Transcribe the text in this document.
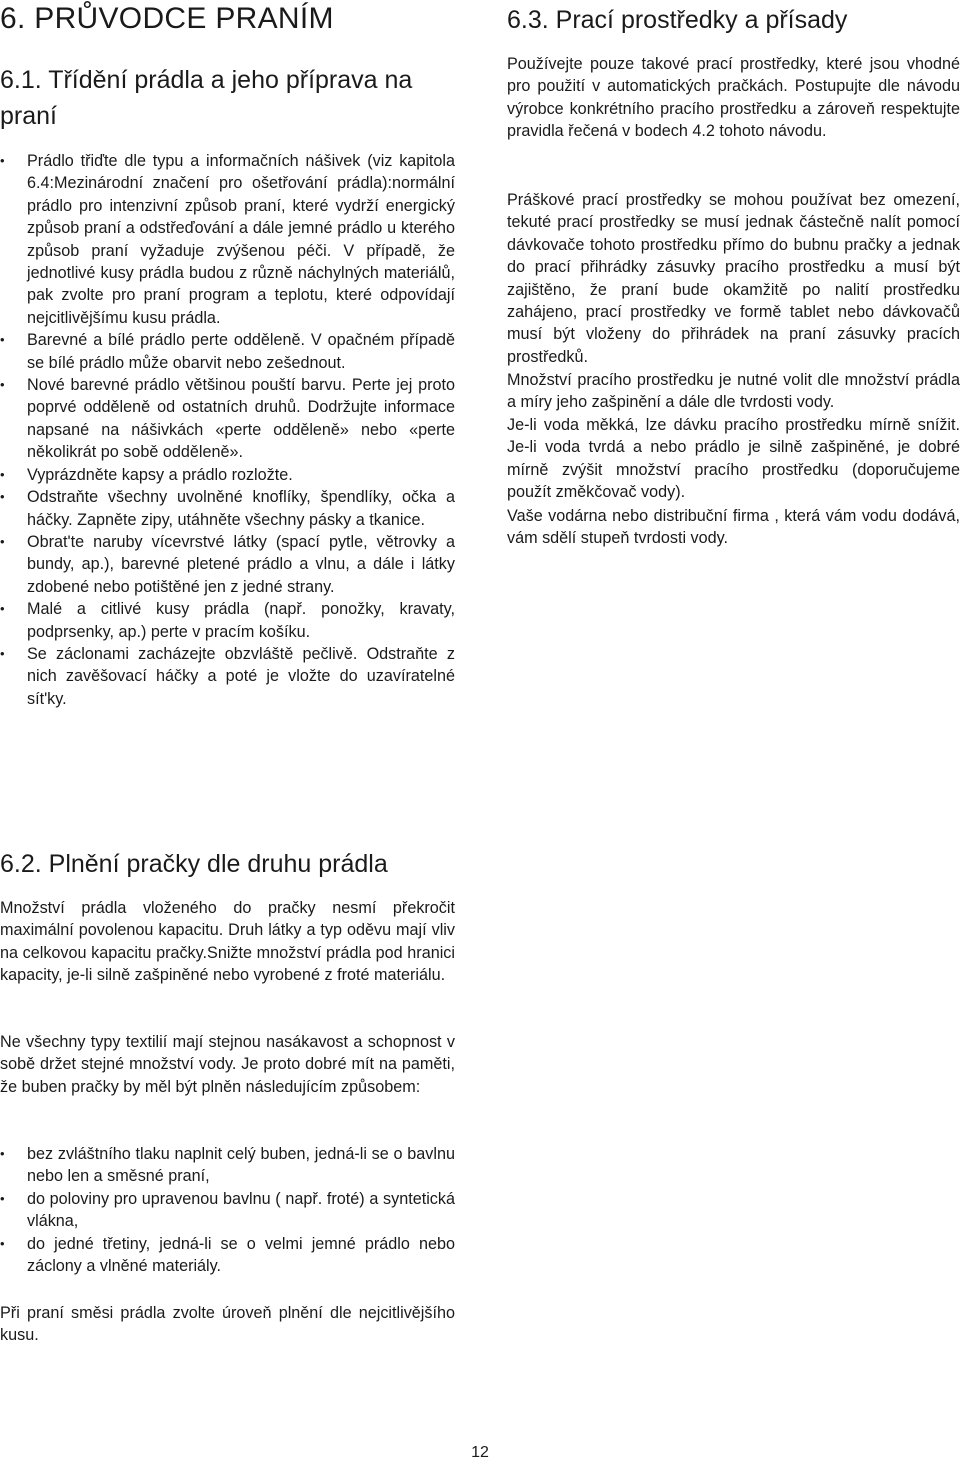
6. PRŮVODCE PRANÍM
6.1. Třídění prádla a jeho příprava na praní
• Prádlo třiďte dle typu a informačních nášivek (viz kapitola 6.4:Mezinárodní značení pro ošetřování prádla):normální prádlo pro intenzivní způsob praní, které vydrží energický způsob praní a odstřeďování a dále jemné prádlo u kterého způsob praní vyžaduje zvýšenou péči. V případě, že jednotlivé kusy prádla budou z různě náchylných materiálů, pak zvolte pro praní program a teplotu, které odpovídají nejcitlivějšímu kusu prádla.
• Barevné a bílé prádlo perte odděleně. V opačném případě se bílé prádlo může obarvit nebo zešednout.
• Nové barevné prádlo většinou pouští barvu. Perte jej proto poprvé odděleně od ostatních druhů. Dodržujte informace napsané na nášivkách «perte odděleně» nebo «perte několikrát po sobě odděleně».
• Vyprázdněte kapsy a prádlo rozložte.
• Odstraňte všechny uvolněné knoflíky, špendlíky, očka a háčky. Zapněte zipy, utáhněte všechny pásky a tkanice.
• Obrat'te naruby vícevrstvé látky (spací pytle, větrovky a bundy, ap.), barevné pletené prádlo a vlnu, a dále i látky zdobené nebo potištěné jen z jedné strany.
• Malé a citlivé kusy prádla (např. ponožky, kravaty, podprsenky, ap.) perte v pracím košíku.
• Se záclonami zacházejte obzvláště pečlivě. Odstraňte z nich zavěšovací háčky a poté je vložte do uzavíratelné sít'ky.
6.2. Plnění pračky dle druhu prádla

Množství prádla vloženého do pračky nesmí překročit maximální povolenou kapacitu. Druh látky a typ oděvu mají vliv na celkovou kapacitu pračky.Snižte množství prádla pod hranici kapacity, je-li silně zašpiněné nebo vyrobené z froté materiálu.

Ne všechny typy textilií mají stejnou nasákavost a schopnost v sobě držet stejné množství vody. Je proto dobré mít na paměti, že buben pračky by měl být plněn následujícím způsobem:

• bez zvláštního tlaku naplnit celý buben, jedná-li se o bavlnu nebo len a směsné praní,
• do poloviny pro upravenou bavlnu ( např. froté) a syntetická vlákna,
• do jedné třetiny, jedná-li se o velmi jemné prádlo nebo záclony a vlněné materiály.

Při praní směsi prádla zvolte úroveň plnění dle nejcitlivějšího kusu.

6.3. Prací prostředky a přísady

Používejte pouze takové prací prostředky, které jsou vhodné pro použití v automatických pračkách. Postupujte dle návodu výrobce konkrétního pracího prostředku a zároveň respektujte pravidla řečená v bodech 4.2 tohoto návodu.

Práškové prací prostředky se mohou používat bez omezení, tekuté prací prostředky se musí jednak částečně nalít pomocí dávkovače tohoto prostředku přímo do bubnu pračky a jednak do prací přihrádky zásuvky pracího prostředku a musí být zajištěno, že praní bude okamžitě po nalití prostředku zahájeno, prací prostředky ve formě tablet nebo dávkovačů musí být vloženy do přihrádek na praní zásuvky pracích prostředků.

Množství pracího prostředku je nutné volit dle množství prádla a míry jeho zašpinění a dále dle tvrdosti vody.

Je-li voda měkká, lze dávku pracího prostředku mírně snížit. Je-li voda tvrdá a nebo prádlo je silně zašpiněné, je dobré mírně zvýšit množství pracího prostředku (doporučujeme použít změkčovač vody).

Vaše vodárna nebo distribuční firma , která vám vodu dodává, vám sdělí stupeň tvrdosti vody.

12
